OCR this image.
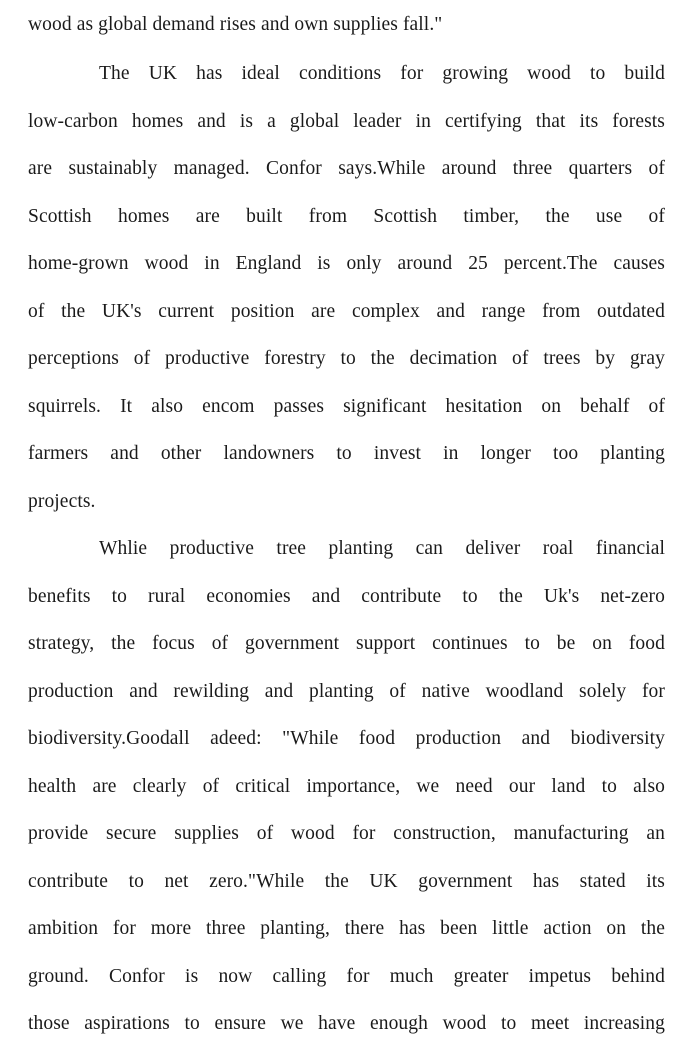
wood as global demand rises and own supplies fall."
The UK has ideal conditions for growing wood to build
low-carbon homes and is a global leader in certifying that its forests
are sustainably managed. Confor says.While around three quarters of
Scottish homes are built from Scottish timber, the use of
home-grown wood in England is only around 25 percent.The causes
of the UK's current position are complex and range from outdated
perceptions of productive forestry to the decimation of trees by gray
squirrels. It also encom passes significant hesitation on behalf of
farmers and other landowners to invest in longer too planting
projects.
Whlie productive tree planting can deliver roal financial
benefits to rural economies and contribute to the Uk's net-zero
strategy, the focus of government support continues to be on food
production and rewilding and planting of native woodland solely for
biodiversity.Goodall adeed: "While food production and biodiversity
health are clearly of critical importance, we need our land to also
provide secure supplies of wood for construction, manufacturing an
contribute to net zero."While the UK government has stated its
ambition for more three planting, there has been little action on the
ground. Confor is now calling for much greater impetus behind
those aspirations to ensure we have enough wood to meet increasing
